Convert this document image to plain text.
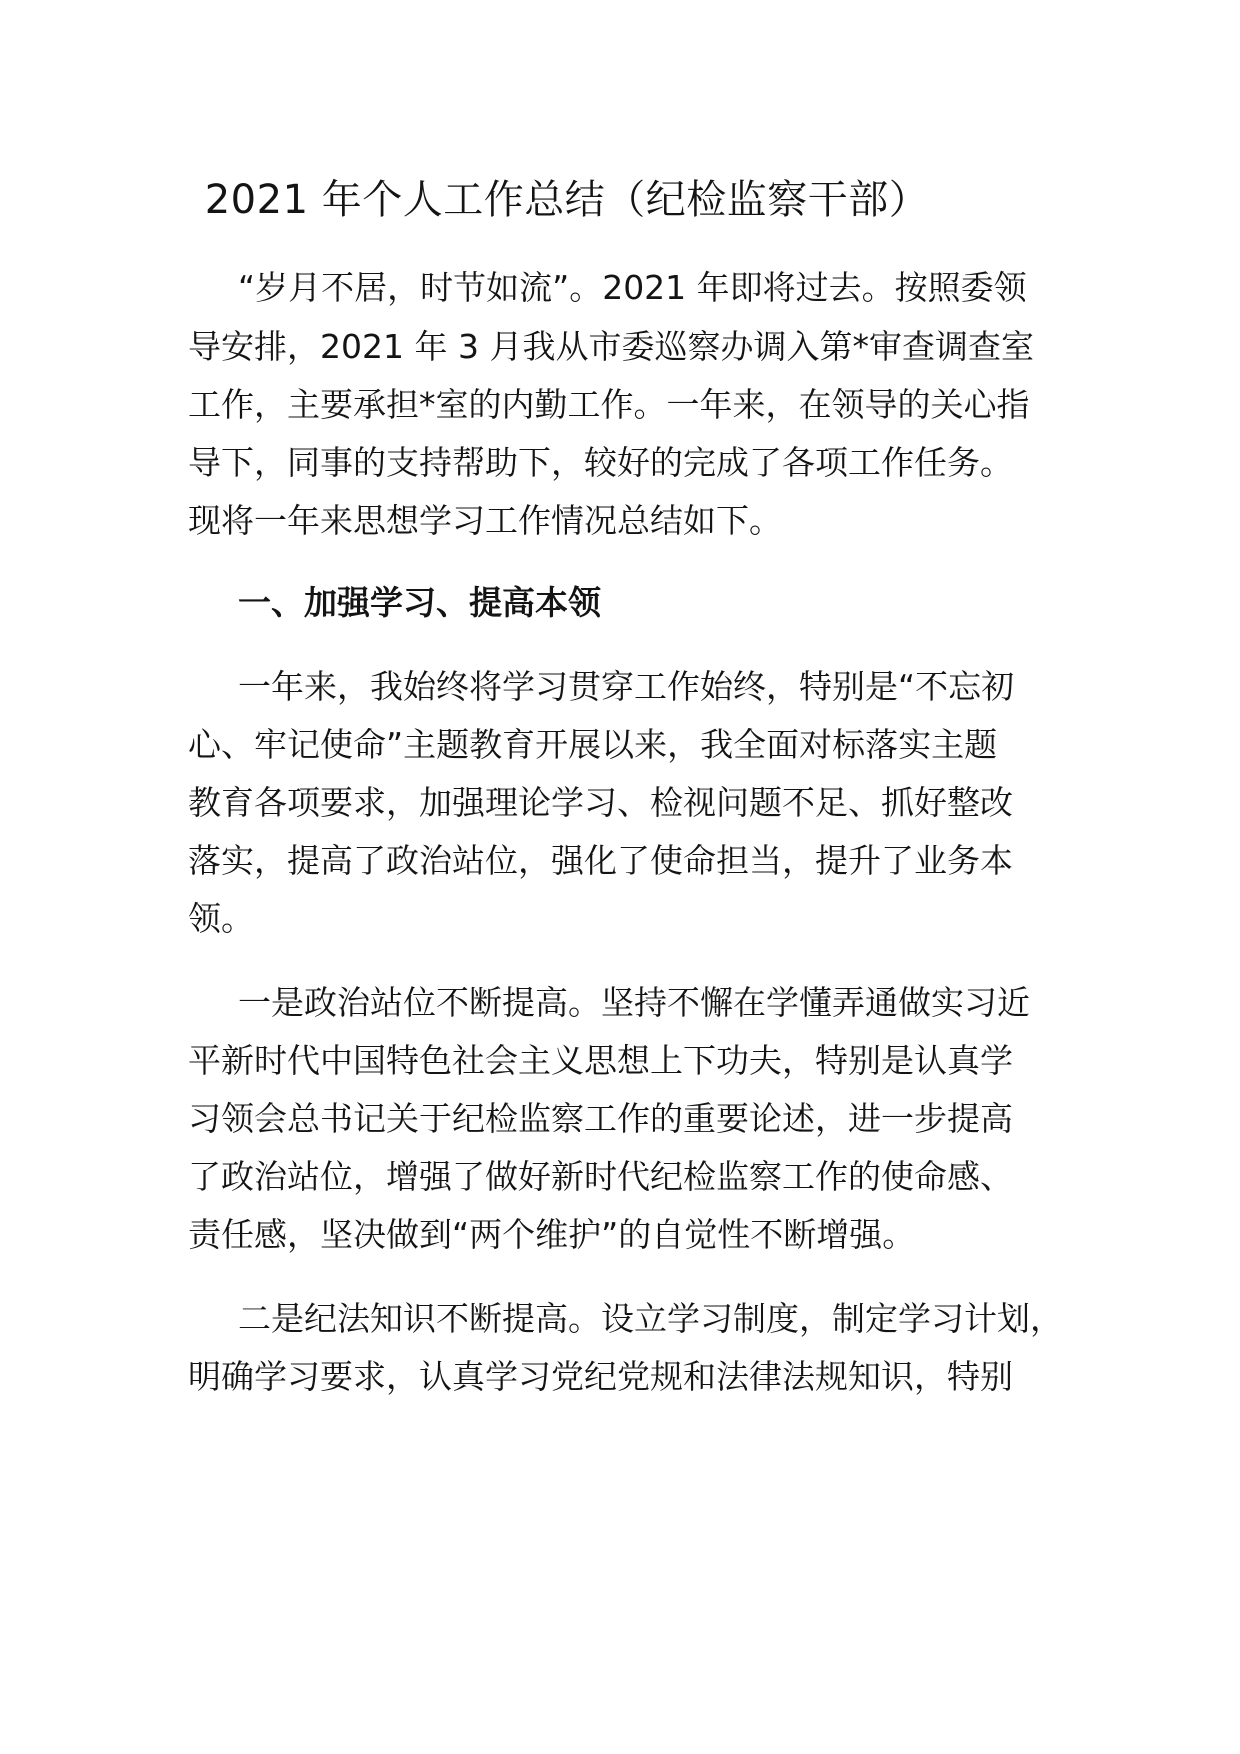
2021 年个人工作总结（纪检监察干部）

“岁月不居，时节如流”。2021 年即将过去。按照委领

导安排，2021 年 3 月我从市委巡察办调入第*审查调查室

工作，主要承担*室的内勤工作。一年来，在领导的关心指

导下，同事的支持帮助下，较好的完成了各项工作任务。

现将一年来思想学习工作情况总结如下。

一、加强学习、提高本领

一年来，我始终将学习贯穿工作始终，特别是“不忘初

心、牢记使命”主题教育开展以来，我全面对标落实主题

教育各项要求，加强理论学习、检视问题不足、抓好整改

落实，提高了政治站位，强化了使命担当，提升了业务本

领。

一是政治站位不断提高。坚持不懈在学懂弄通做实习近

平新时代中国特色社会主义思想上下功夫，特别是认真学

习领会总书记关于纪检监察工作的重要论述，进一步提高

了政治站位，增强了做好新时代纪检监察工作的使命感、

责任感，坚决做到“两个维护”的自觉性不断增强。

二是纪法知识不断提高。设立学习制度，制定学习计划，

明确学习要求，认真学习党纪党规和法律法规知识，特别
